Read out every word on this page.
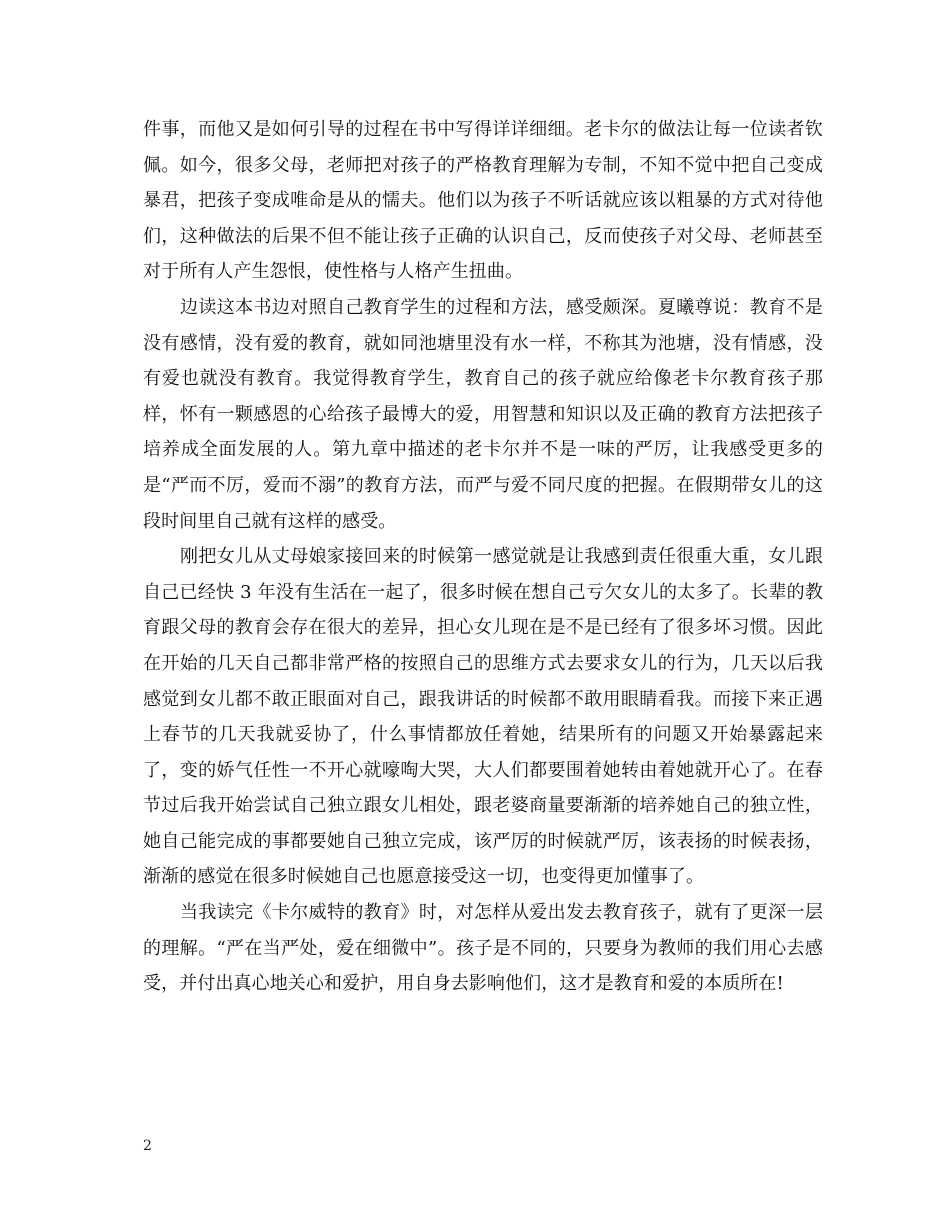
件事，而他又是如何引导的过程在书中写得详详细细。老卡尔的做法让每一位读者钦佩。如今，很多父母，老师把对孩子的严格教育理解为专制，不知不觉中把自己变成暴君，把孩子变成唯命是从的懦夫。他们以为孩子不听话就应该以粗暴的方式对待他们，这种做法的后果不但不能让孩子正确的认识自己，反而使孩子对父母、老师甚至对于所有人产生怨恨，使性格与人格产生扭曲。

边读这本书边对照自己教育学生的过程和方法，感受颇深。夏曦尊说：教育不是没有感情，没有爱的教育，就如同池塘里没有水一样，不称其为池塘，没有情感，没有爱也就没有教育。我觉得教育学生，教育自己的孩子就应给像老卡尔教育孩子那样，怀有一颗感恩的心给孩子最博大的爱，用智慧和知识以及正确的教育方法把孩子培养成全面发展的人。第九章中描述的老卡尔并不是一味的严厉，让我感受更多的是“严而不厉，爱而不溺”的教育方法，而严与爱不同尺度的把握。在假期带女儿的这段时间里自己就有这样的感受。

刚把女儿从丈母娘家接回来的时候第一感觉就是让我感到责任很重大重，女儿跟自己已经快 3 年没有生活在一起了，很多时候在想自己亏欠女儿的太多了。长辈的教育跟父母的教育会存在很大的差异，担心女儿现在是不是已经有了很多坏习惯。因此在开始的几天自己都非常严格的按照自己的思维方式去要求女儿的行为，几天以后我感觉到女儿都不敢正眼面对自己，跟我讲话的时候都不敢用眼睛看我。而接下来正遇上春节的几天我就妥协了，什么事情都放任着她，结果所有的问题又开始暴露起来了，变的娇气任性一不开心就嚎啕大哭，大人们都要围着她转由着她就开心了。在春节过后我开始尝试自己独立跟女儿相处，跟老婆商量要渐渐的培养她自己的独立性，她自己能完成的事都要她自己独立完成，该严厉的时候就严厉，该表扬的时候表扬，渐渐的感觉在很多时候她自己也愿意接受这一切，也变得更加懂事了。

当我读完《卡尔威特的教育》时，对怎样从爱出发去教育孩子，就有了更深一层的理解。“严在当严处，爱在细微中”。孩子是不同的，只要身为教师的我们用心去感受，并付出真心地关心和爱护，用自身去影响他们，这才是教育和爱的本质所在!

2
